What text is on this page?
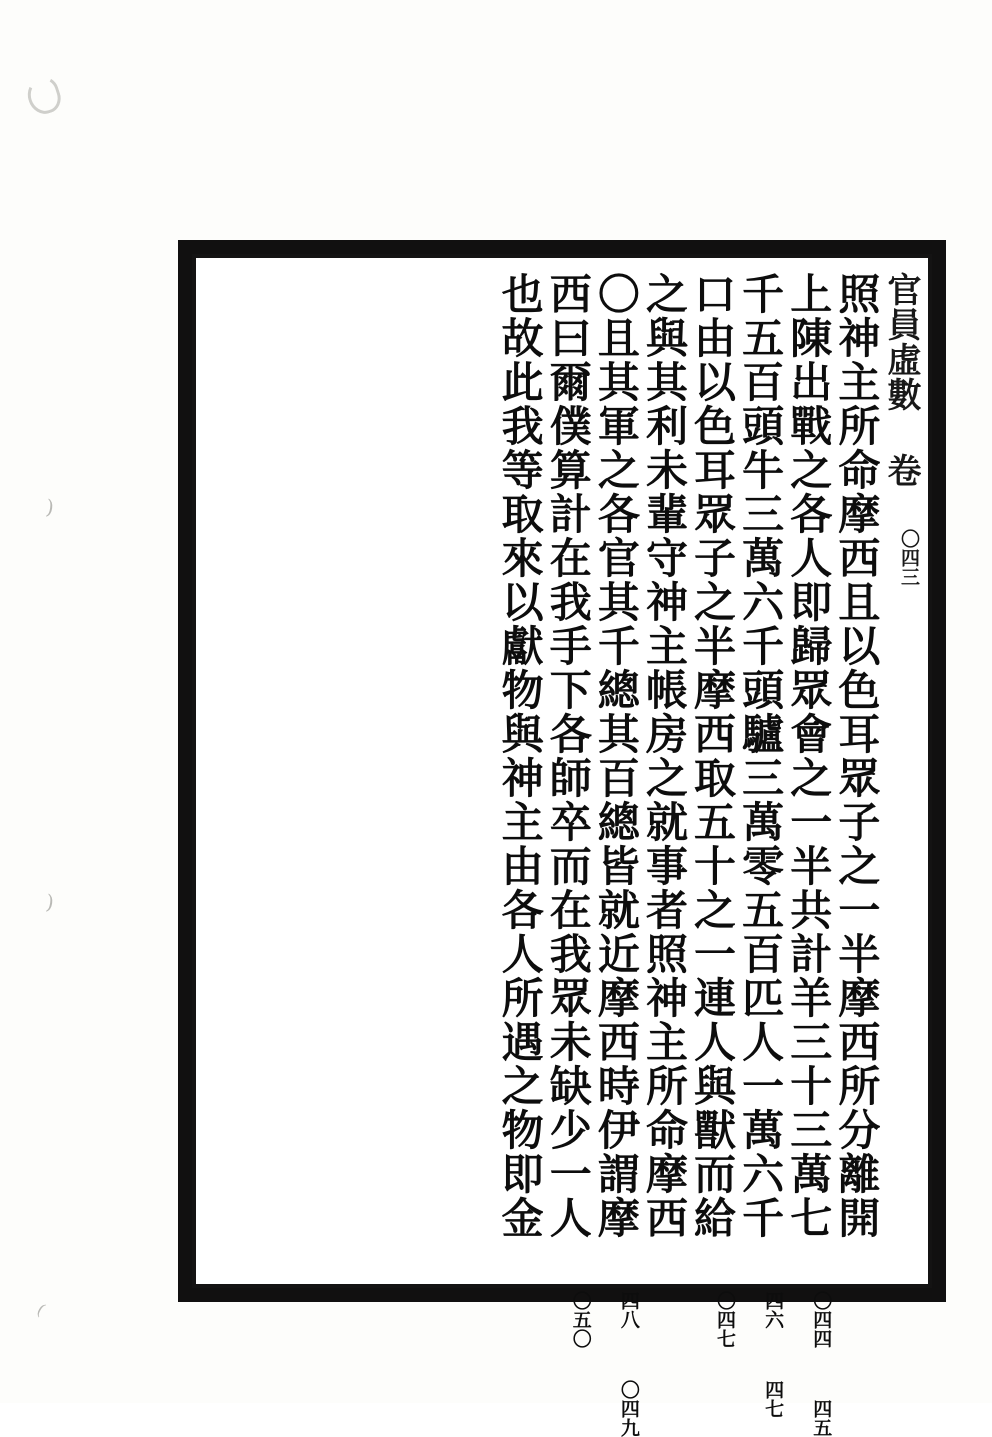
)
)
(
官員虛數 卷 $^{〇四三}$
照神主所命摩西且以色耳眾子之一半摩西所分離開
上陳出戰之各人即歸眾會之一半共計羊三十三萬七 $^{〇四四}$ $^{四五}$
千五百頭牛三萬六千頭驢三萬零五百匹人一萬六千 $^{四六}$ $^{四七}$
口由以色耳眾子之半摩西取五十之一連人與獸而給 $^{〇四七}$
之與其利未輩守神主帳房之就事者照神主所命摩西
〇且其軍之各官其千總其百總皆就近摩西時伊謂摩 $^{四八}$ $^{〇四九}$
西曰爾僕算計在我手下各師卒而在我眾未缺少一人 $^{〇五〇}$
也故此我等取來以獻物與神主由各人所遇之物即金
